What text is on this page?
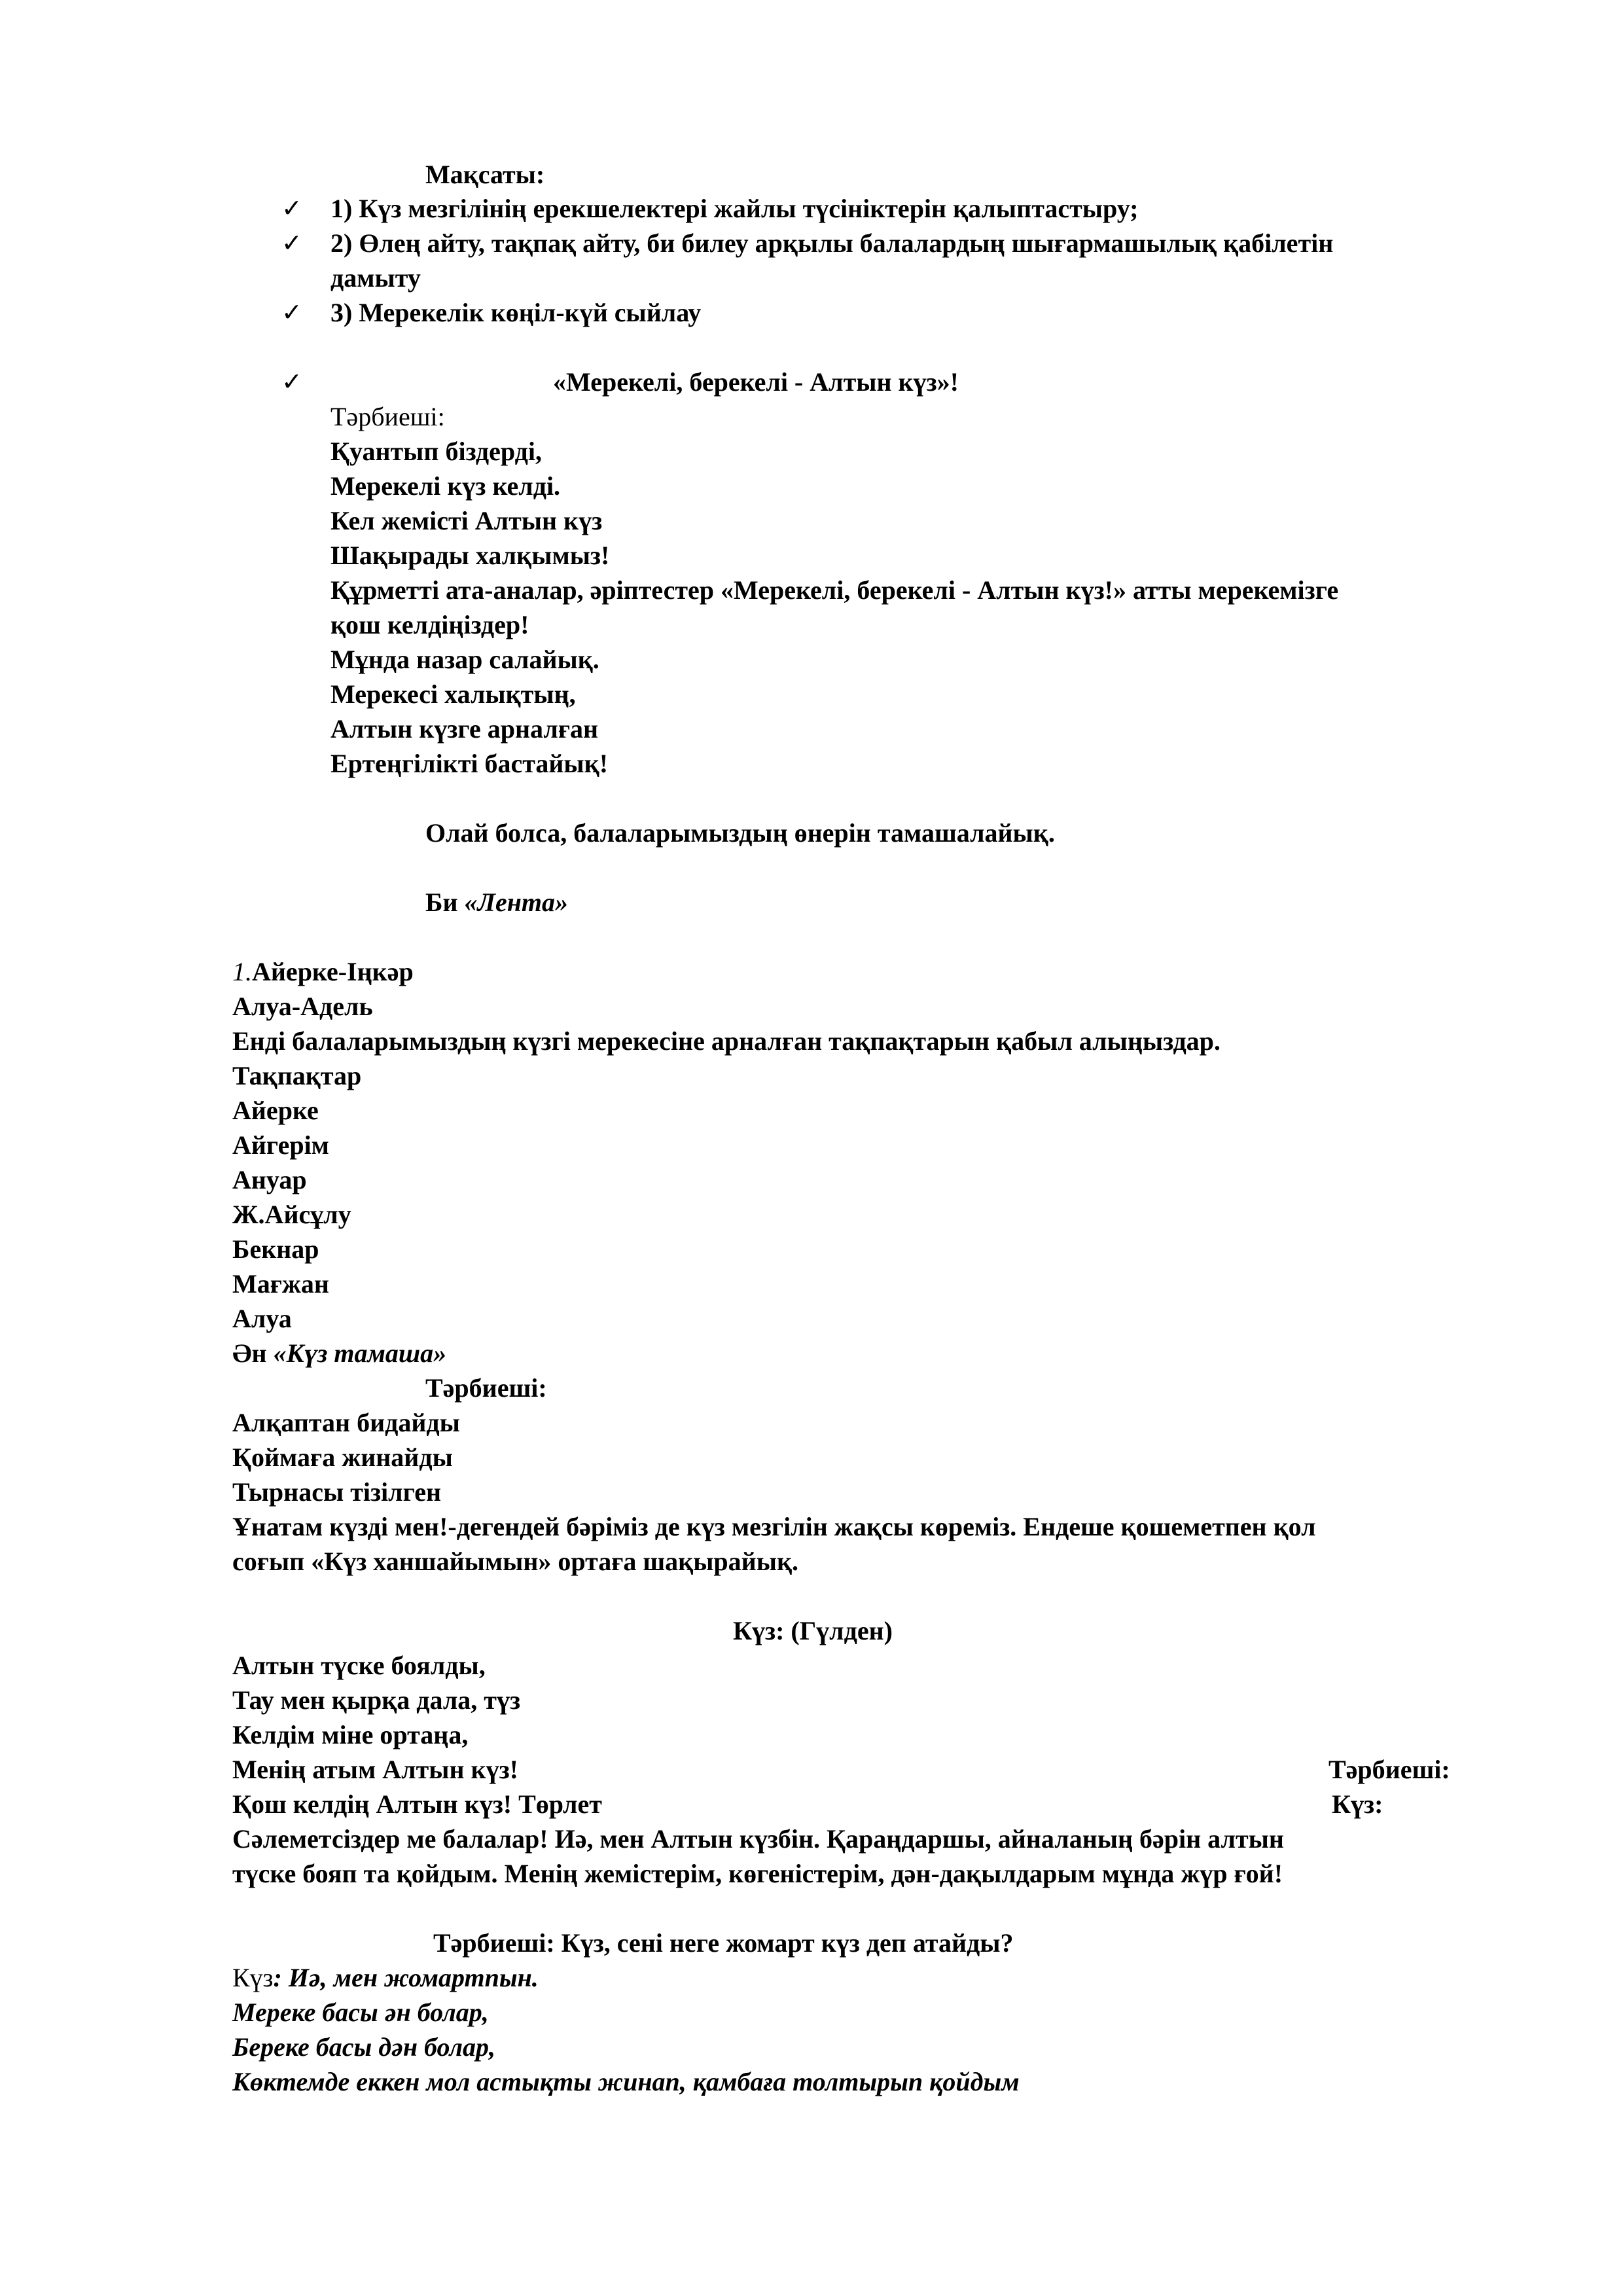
Мақсаты:
✓ 1) Күз мезгілінің ерекшелектері жайлы түсініктерін қалыптастыру;
✓ 2) Өлең айту, тақпақ айту, би билеу арқылы балалардың шығармашылық қабілетін
дамыту
✓ 3) Мерекелік көңіл-күй сыйлау
✓	«Мерекелі, берекелі - Алтын күз»!
Тәрбиеші:
Қуантып біздерді,
Мерекелі күз келді.
Кел жемісті Алтын күз
Шақырады халқымыз!
Құрметті ата-аналар, әріптестер «Мерекелі, берекелі - Алтын күз!» атты мерекемізге
қош келдіңіздер!
Мұнда назар салайық.
Мерекесі халықтың,
Алтын күзге арналған
Ертеңгілікті бастайық!
Олай болса, балаларымыздың өнерін тамашалайық.
Би «Лента»
1.Айерке-Іңкәр
Алуа-Адель
Енді балаларымыздың күзгі мерекесіне арналған тақпақтарын қабыл алыңыздар.
Тақпақтар
Айерке
Айгерім
Ануар
Ж.Айсұлу
Бекнар
Мағжан
Алуа
Ән «Күз тамаша»
Тәрбиеші:
Алқаптан бидайды
Қоймаға жинайды
Тырнасы тізілген
Ұнатам күзді мен!-дегендей бәріміз де күз мезгілін жақсы көреміз. Ендеше қошеметпен қол
соғып «Күз ханшайымын» ортаға шақырайық.
Күз: (Гүлден)
Алтын түске боялды,
Тау мен қырқа дала, түз
Келдім міне ортаңа,
Менің атым Алтын күз!	Тәрбиеші:
Қош келдің Алтын күз! Төрлет	Күз:
Сәлеметсіздер ме балалар! Иә, мен Алтын күзбін. Қараңдаршы, айналаның бәрін алтын
түске бояп та қойдым. Менің жемістерім, көгеністерім, дән-дақылдарым мұнда жүр ғой!
Тәрбиеші: Күз, сені неге жомарт күз деп атайды?
Күз: Иә, мен жомартпын.
Мереке басы ән болар,
Береке басы дән болар,
Көктемде еккен мол астықты жинап, қамбаға толтырып қойдым
